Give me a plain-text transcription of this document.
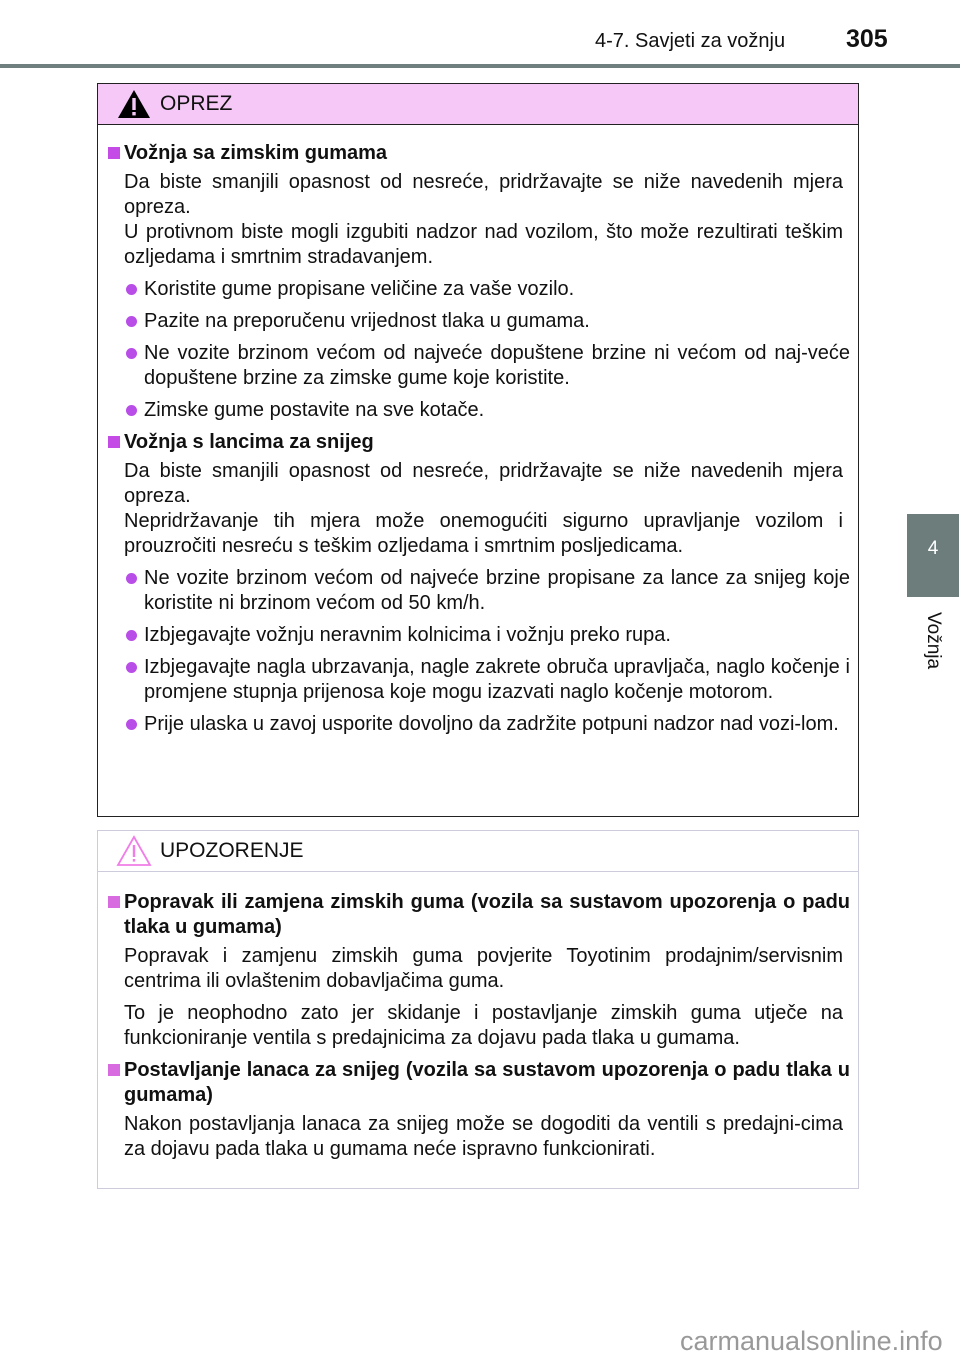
4-7. Savjeti za vožnju 305
4
Vožnja
OPREZ
Vožnja sa zimskim gumama
Da biste smanjili opasnost od nesreće, pridržavajte se niže navedenih mjera opreza.
U protivnom biste mogli izgubiti nadzor nad vozilom, što može rezultirati teškim ozljedama i smrtnim stradavanjem.
Koristite gume propisane veličine za vaše vozilo.
Pazite na preporučenu vrijednost tlaka u gumama.
Ne vozite brzinom većom od najveće dopuštene brzine ni većom od naj-veće dopuštene brzine za zimske gume koje koristite.
Zimske gume postavite na sve kotače.
Vožnja s lancima za snijeg
Da biste smanjili opasnost od nesreće, pridržavajte se niže navedenih mjera opreza.
Nepridržavanje tih mjera može onemogućiti sigurno upravljanje vozilom i prouzročiti nesreću s teškim ozljedama i smrtnim posljedicama.
Ne vozite brzinom većom od najveće brzine propisane za lance za snijeg koje koristite ni brzinom većom od 50 km/h.
Izbjegavajte vožnju neravnim kolnicima i vožnju preko rupa.
Izbjegavajte nagla ubrzavanja, nagle zakrete obruča upravljača, naglo kočenje i promjene stupnja prijenosa koje mogu izazvati naglo kočenje motorom.
Prije ulaska u zavoj usporite dovoljno da zadržite potpuni nadzor nad vozi-lom.
UPOZORENJE
Popravak ili zamjena zimskih guma (vozila sa sustavom upozorenja o padu tlaka u gumama)
Popravak i zamjenu zimskih guma povjerite Toyotinim prodajnim/servisnim centrima ili ovlaštenim dobavljačima guma.
To je neophodno zato jer skidanje i postavljanje zimskih guma utječe na funkcioniranje ventila s predajnicima za dojavu pada tlaka u gumama.
Postavljanje lanaca za snijeg (vozila sa sustavom upozorenja o padu tlaka u gumama)
Nakon postavljanja lanaca za snijeg može se dogoditi da ventili s predajni-cima za dojavu pada tlaka u gumama neće ispravno funkcionirati.
carmanualsonline.info
